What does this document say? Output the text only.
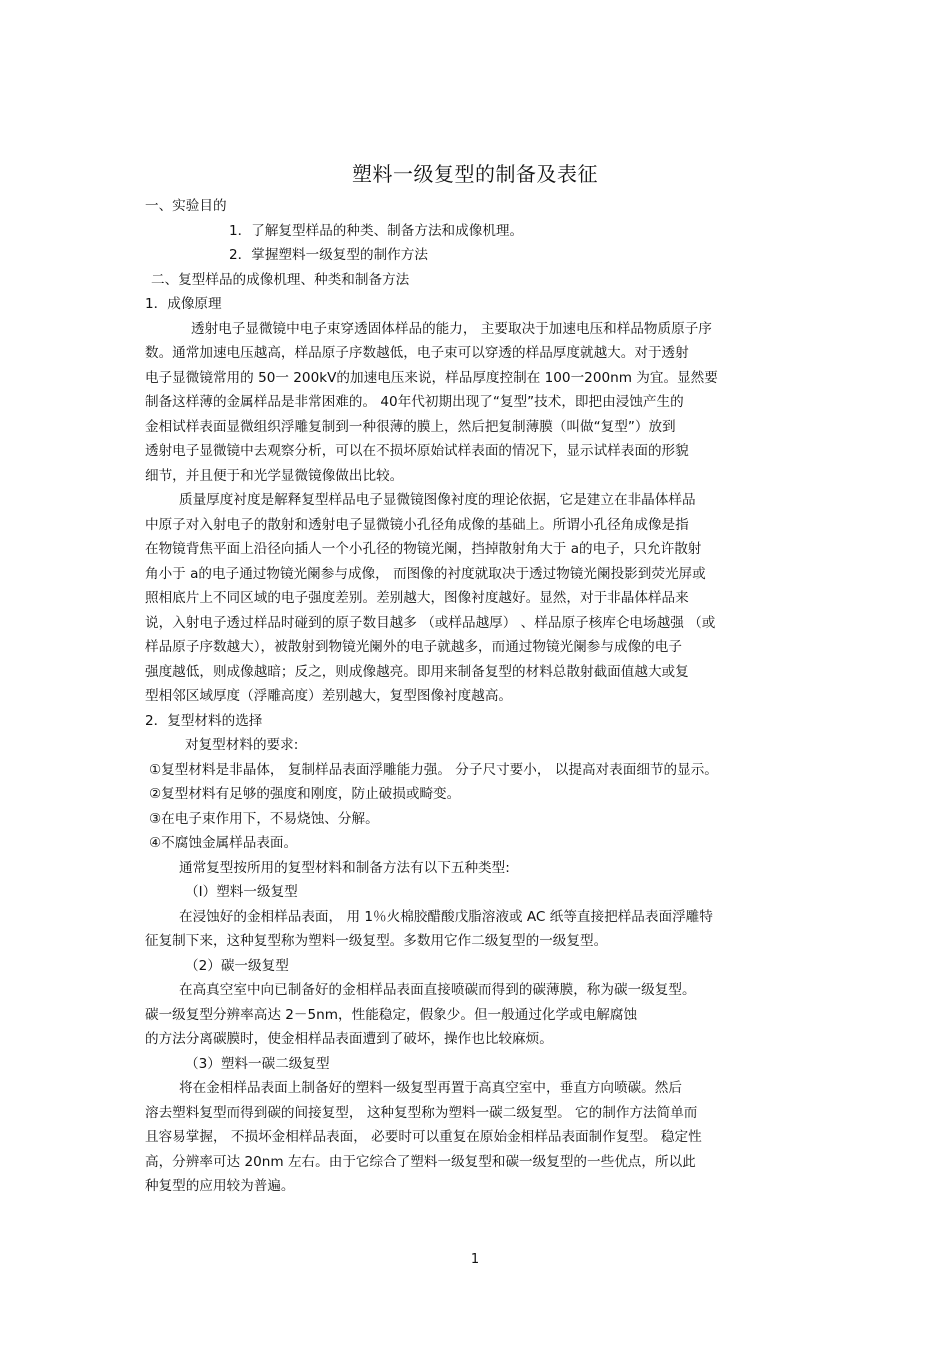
塑料一级复型的制备及表征
一、实验目的
1．了解复型样品的种类、制备方法和成像机理。
2．掌握塑料一级复型的制作方法
二、复型样品的成像机理、种类和制备方法
1．成像原理
透射电子显微镜中电子束穿透固体样品的能力， 主要取决于加速电压和样品物质原子序
数。通常加速电压越高，样品原子序数越低，电子束可以穿透的样品厚度就越大。对于透射
电子显微镜常用的 50一 200kV的加速电压来说，样品厚度控制在 100一200nm 为宜。显然要
制备这样薄的金属样品是非常困难的。 40年代初期出现了“复型”技术，即把由浸蚀产生的
金相试样表面显微组织浮雕复制到一种很薄的膜上，然后把复制薄膜（叫做“复型”）放到
透射电子显微镜中去观察分析，可以在不损坏原始试样表面的情况下，显示试样表面的形貌
细节，并且便于和光学显微镜像做出比较。
质量厚度衬度是解释复型样品电子显微镜图像衬度的理论依据，它是建立在非晶体样品
中原子对入射电子的散射和透射电子显微镜小孔径角成像的基础上。所谓小孔径角成像是指
在物镜背焦平面上沿径向插人一个小孔径的物镜光阑，挡掉散射角大于 a的电子，只允许散射
角小于 a的电子通过物镜光阑参与成像， 而图像的衬度就取决于透过物镜光阑投影到荧光屏或
照相底片上不同区域的电子强度差别。差别越大，图像衬度越好。显然，对于非晶体样品来
说，入射电子透过样品时碰到的原子数目越多 （或样品越厚） 、样品原子核库仑电场越强 （或
样品原子序数越大），被散射到物镜光阑外的电子就越多，而通过物镜光阑参与成像的电子
强度越低，则成像越暗；反之，则成像越亮。即用来制备复型的材料总散射截面值越大或复
型相邻区域厚度（浮雕高度）差别越大，复型图像衬度越高。
2．复型材料的选择
对复型材料的要求:
①复型材料是非晶体， 复制样品表面浮雕能力强。 分子尺寸要小， 以提高对表面细节的显示。
②复型材料有足够的强度和刚度，防止破损或畸变。
③在电子束作用下，不易烧蚀、分解。
④不腐蚀金属样品表面。
通常复型按所用的复型材料和制备方法有以下五种类型:
（I）塑料一级复型
在浸蚀好的金相样品表面， 用 1％火棉胶醋酸戊脂溶液或 AC 纸等直接把样品表面浮雕特
征复制下来，这种复型称为塑料一级复型。多数用它作二级复型的一级复型。
（2）碳一级复型
在高真空室中向已制备好的金相样品表面直接喷碳而得到的碳薄膜，称为碳一级复型。
碳一级复型分辨率高达 2－5nm，性能稳定，假象少。但一般通过化学或电解腐蚀
的方法分离碳膜时，使金相样品表面遭到了破坏，操作也比较麻烦。
（3）塑料一碳二级复型
将在金相样品表面上制备好的塑料一级复型再置于高真空室中，垂直方向喷碳。然后
溶去塑料复型而得到碳的间接复型， 这种复型称为塑料一碳二级复型。 它的制作方法简单而
且容易掌握， 不损坏金相样品表面， 必要时可以重复在原始金相样品表面制作复型。 稳定性
高，分辨率可达 20nm 左右。由于它综合了塑料一级复型和碳一级复型的一些优点，所以此
种复型的应用较为普遍。
1
